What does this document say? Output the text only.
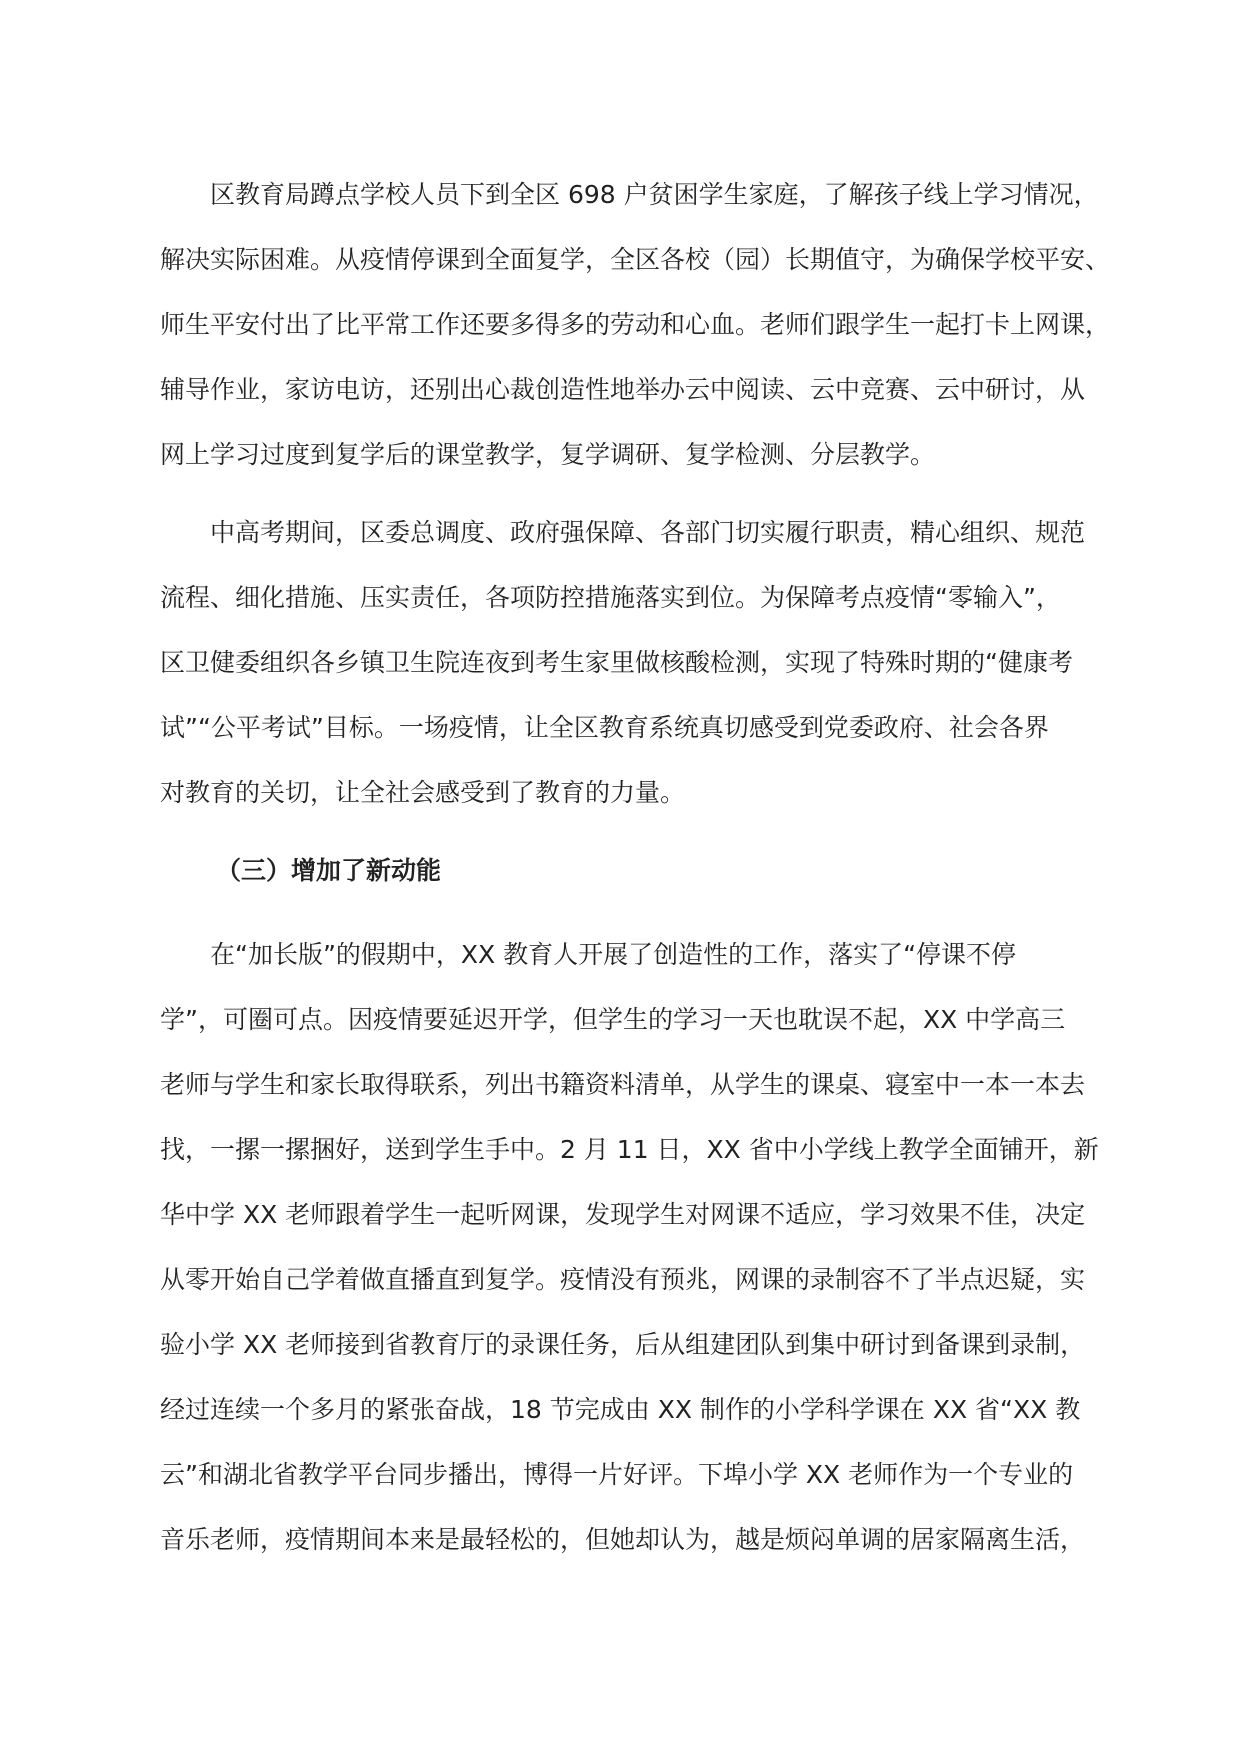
区教育局蹲点学校人员下到全区 698 户贫困学生家庭，了解孩子线上学习情况，
解决实际困难。从疫情停课到全面复学，全区各校（园）长期值守，为确保学校平安、
师生平安付出了比平常工作还要多得多的劳动和心血。老师们跟学生一起打卡上网课，
辅导作业，家访电访，还别出心裁创造性地举办云中阅读、云中竞赛、云中研讨，从
网上学习过度到复学后的课堂教学，复学调研、复学检测、分层教学。
中高考期间，区委总调度、政府强保障、各部门切实履行职责，精心组织、规范
流程、细化措施、压实责任，各项防控措施落实到位。为保障考点疫情“零输入”，
区卫健委组织各乡镇卫生院连夜到考生家里做核酸检测，实现了特殊时期的“健康考
试”“公平考试”目标。一场疫情，让全区教育系统真切感受到党委政府、社会各界
对教育的关切，让全社会感受到了教育的力量。
（三）增加了新动能
在“加长版”的假期中，XX 教育人开展了创造性的工作，落实了“停课不停
学”，可圈可点。因疫情要延迟开学，但学生的学习一天也耽误不起，XX 中学高三
老师与学生和家长取得联系，列出书籍资料清单，从学生的课桌、寝室中一本一本去
找，一摞一摞捆好，送到学生手中。2 月 11 日，XX 省中小学线上教学全面铺开，新
华中学 XX 老师跟着学生一起听网课，发现学生对网课不适应，学习效果不佳，决定
从零开始自己学着做直播直到复学。疫情没有预兆，网课的录制容不了半点迟疑，实
验小学 XX 老师接到省教育厅的录课任务，后从组建团队到集中研讨到备课到录制，
经过连续一个多月的紧张奋战，18 节完成由 XX 制作的小学科学课在 XX 省“XX 教
云”和湖北省教学平台同步播出，博得一片好评。下埠小学 XX 老师作为一个专业的
音乐老师，疫情期间本来是最轻松的，但她却认为，越是烦闷单调的居家隔离生活，
